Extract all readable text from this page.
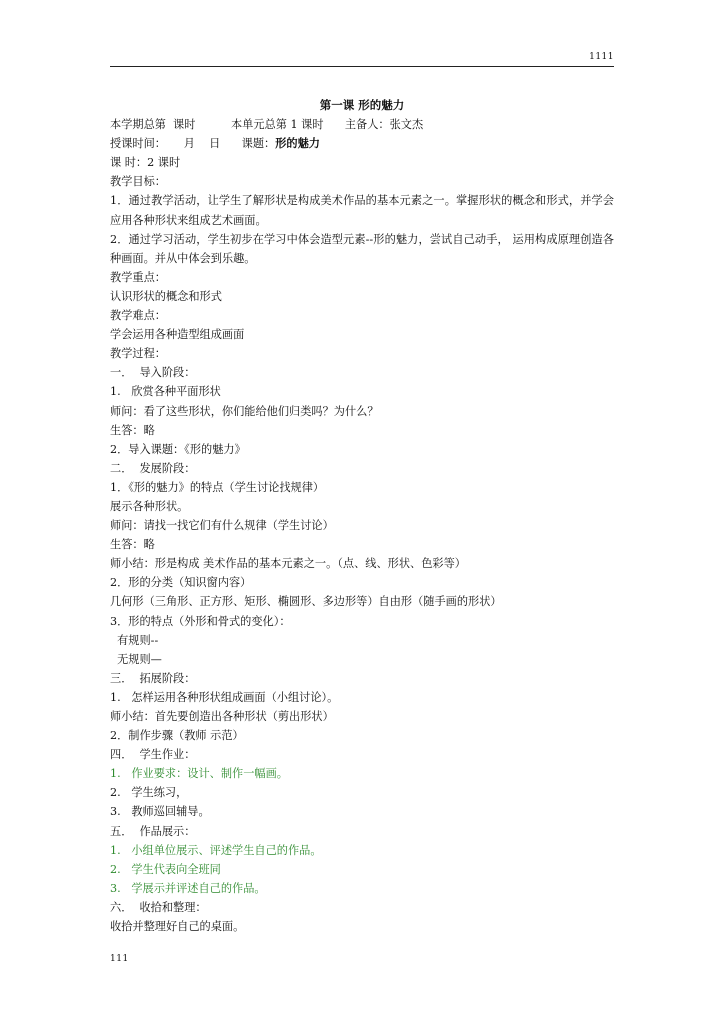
1111
第一课 形的魅力
本学期总第  课时          本单元总第 1 课时      主备人：张文杰
授课时间：     月    日      课题：形的魅力
课 时：2 课时
教学目标：
1．通过教学活动，让学生了解形状是构成美术作品的基本元素之一。掌握形状的概念和形式，并学会应用各种形状来组成艺术画面。
2．通过学习活动，学生初步在学习中体会造型元素--形的魅力，尝试自己动手， 运用构成原理创造各种画面。并从中体会到乐趣。
教学重点：
认识形状的概念和形式
教学难点：
学会运用各种造型组成画面
教学过程：
一．  导入阶段：
1.   欣赏各种平面形状
师问：看了这些形状，你们能给他们归类吗？为什么？
生答：略
2．导入课题：《形的魅力》
二．  发展阶段：
1．《形的魅力》的特点（学生讨论找规律）
展示各种形状。
师问：请找一找它们有什么规律（学生讨论）
生答：略
师小结：形是构成 美术作品的基本元素之一。（点、线、形状、色彩等）
2．形的分类（知识窗内容）
几何形（三角形、正方形、矩形、椭圆形、多边形等）自由形（随手画的形状）
3．形的特点（外形和骨式的变化）：
有规则--
无规则—
三．  拓展阶段：
1.   怎样运用各种形状组成画面（小组讨论）。
师小结：首先要创造出各种形状（剪出形状）
2．制作步骤（教师 示范）
四．  学生作业：
1.   作业要求：设计、制作一幅画。
2.   学生练习，
3.   教师巡回辅导。
五．  作品展示：
1.   小组单位展示、评述学生自己的作品。
2.   学生代表向全班同
3.   学展示并评述自己的作品。
六．  收拾和整理：
收拾并整理好自己的桌面。
111
